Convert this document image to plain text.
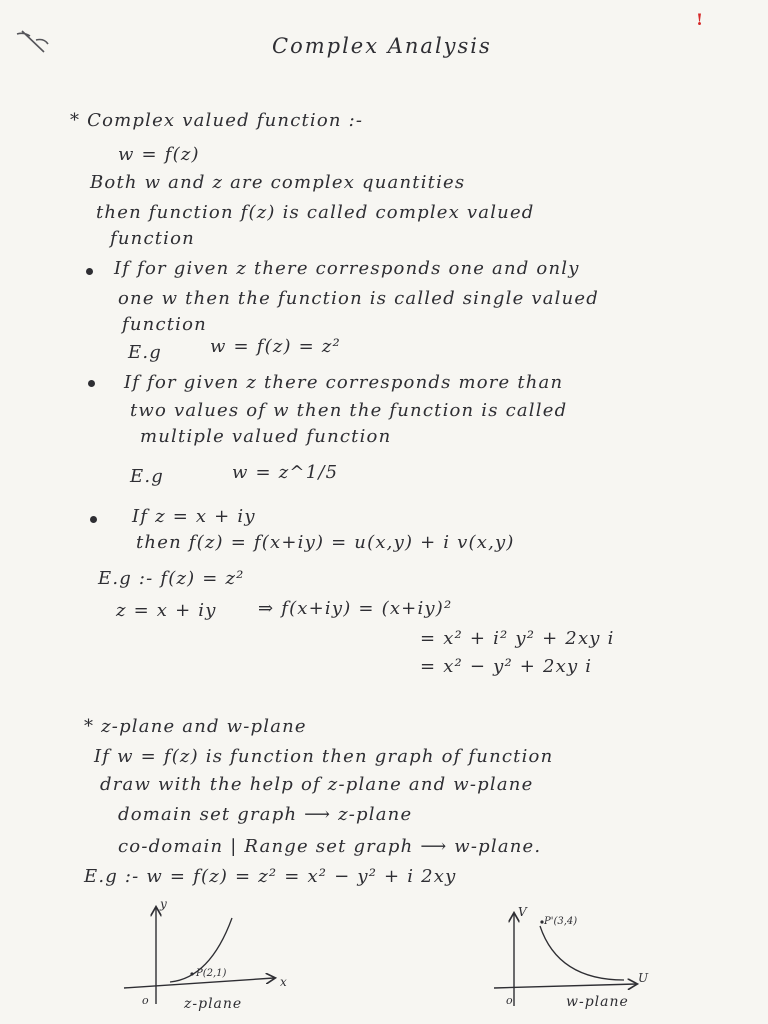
!
Complex Analysis
* Complex valued function :-
w = f(z)
Both w and z are complex quantities
then function f(z) is called complex valued
function
If for given z there corresponds one and only
one w then the function is called single valued
function
E.g	w = f(z) = z²
If for given z there corresponds more than
two values of w then the function is called
multiple valued function
E.g	w = z^1/5
If z = x + iy
then f(z) = f(x+iy) = u(x,y) + i v(x,y)
E.g :- f(z) = z²
z = x + iy ⇒ f(x+iy) = (x+iy)²
= x² + i² y² + 2xy i
= x² − y² + 2xy i
* z-plane and w-plane
If w = f(z) is function then graph of function
draw with the help of z-plane and w-plane
domain set graph ⟶ z-plane
co-domain | Range set graph ⟶ w-plane.
E.g :- w = f(z) = z² = x² − y² + i 2xy
y
x
o
P(2,1)
z-plane
V
U
o
P'(3,4)
w-plane
